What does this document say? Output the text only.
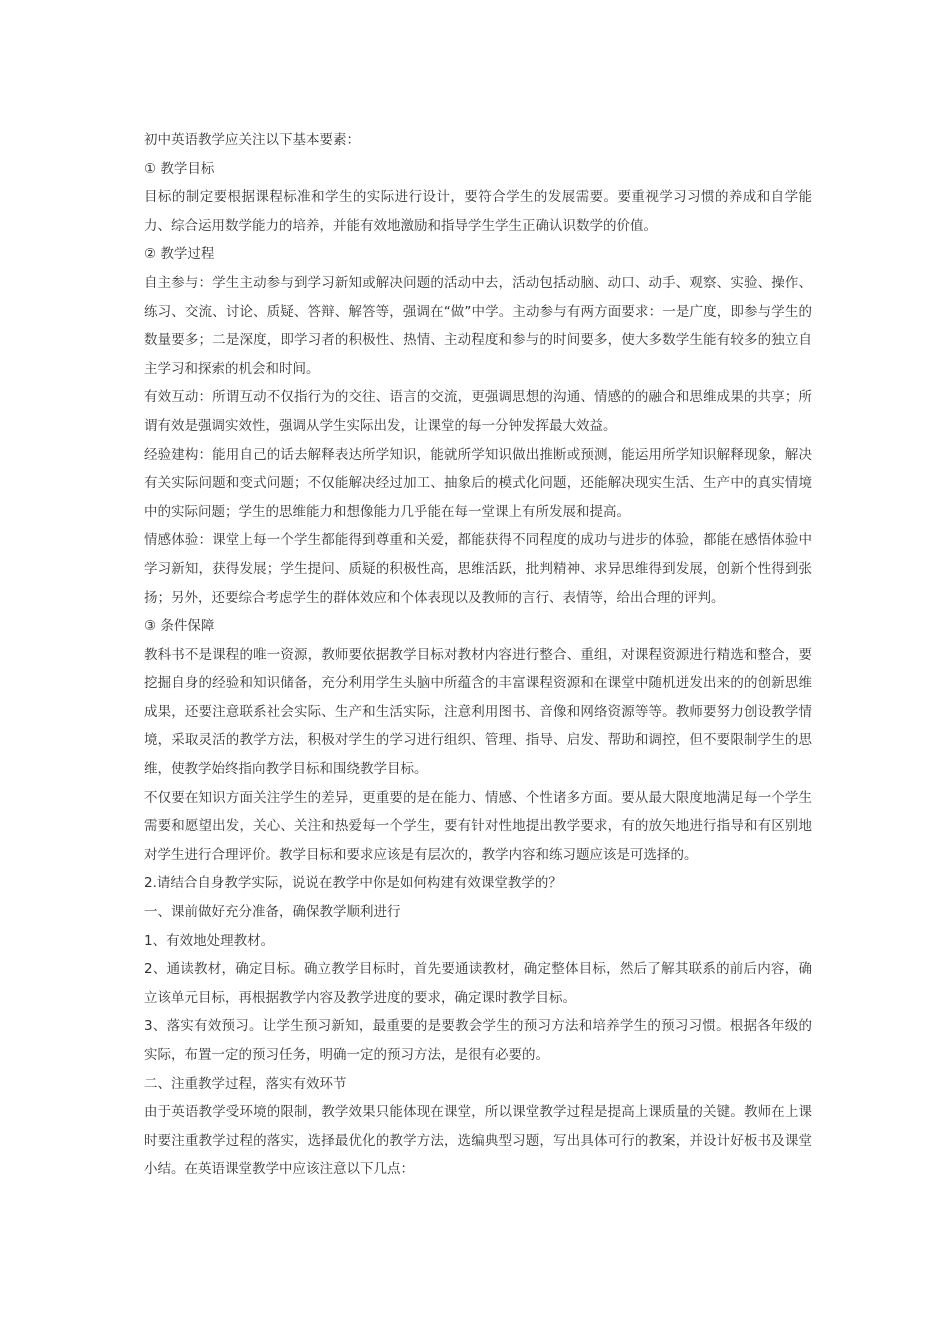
初中英语教学应关注以下基本要素：

① 教学目标

目标的制定要根据课程标准和学生的实际进行设计，要符合学生的发展需要。要重视学习习惯的养成和自学能力、综合运用数学能力的培养，并能有效地激励和指导学生学生正确认识数学的价值。

② 教学过程

自主参与：学生主动参与到学习新知或解决问题的活动中去，活动包括动脑、动口、动手、观察、实验、操作、练习、交流、讨论、质疑、答辩、解答等，强调在“做”中学。主动参与有两方面要求：一是广度，即参与学生的数量要多；二是深度，即学习者的积极性、热情、主动程度和参与的时间要多，使大多数学生能有较多的独立自主学习和探索的机会和时间。

有效互动：所谓互动不仅指行为的交往、语言的交流，更强调思想的沟通、情感的的融合和思维成果的共享；所谓有效是强调实效性，强调从学生实际出发，让课堂的每一分钟发挥最大效益。

经验建构：能用自己的话去解释表达所学知识，能就所学知识做出推断或预测，能运用所学知识解释现象，解决有关实际问题和变式问题；不仅能解决经过加工、抽象后的模式化问题，还能解决现实生活、生产中的真实情境中的实际问题；学生的思维能力和想像能力几乎能在每一堂课上有所发展和提高。

情感体验：课堂上每一个学生都能得到尊重和关爱，都能获得不同程度的成功与进步的体验，都能在感悟体验中学习新知，获得发展；学生提问、质疑的积极性高，思维活跃，批判精神、求异思维得到发展，创新个性得到张扬；另外，还要综合考虑学生的群体效应和个体表现以及教师的言行、表情等，给出合理的评判。

③ 条件保障

教科书不是课程的唯一资源，教师要依据教学目标对教材内容进行整合、重组，对课程资源进行精选和整合，要挖掘自身的经验和知识储备，充分利用学生头脑中所蕴含的丰富课程资源和在课堂中随机迸发出来的的创新思维成果，还要注意联系社会实际、生产和生活实际，注意利用图书、音像和网络资源等等。教师要努力创设教学情境，采取灵活的教学方法，积极对学生的学习进行组织、管理、指导、启发、帮助和调控，但不要限制学生的思维，使教学始终指向教学目标和围绕教学目标。

不仅要在知识方面关注学生的差异，更重要的是在能力、情感、个性诸多方面。要从最大限度地满足每一个学生需要和愿望出发，关心、关注和热爱每一个学生，要有针对性地提出教学要求，有的放矢地进行指导和有区别地对学生进行合理评价。教学目标和要求应该是有层次的，教学内容和练习题应该是可选择的。

2.请结合自身教学实际，说说在教学中你是如何构建有效课堂教学的？

一、课前做好充分准备，确保教学顺利进行

1、有效地处理教材。

2、通读教材，确定目标。确立教学目标时，首先要通读教材，确定整体目标，然后了解其联系的前后内容，确立该单元目标，再根据教学内容及教学进度的要求，确定课时教学目标。

3、落实有效预习。让学生预习新知，最重要的是要教会学生的预习方法和培养学生的预习习惯。根据各年级的实际，布置一定的预习任务，明确一定的预习方法，是很有必要的。

二、注重教学过程，落实有效环节

由于英语教学受环境的限制，教学效果只能体现在课堂，所以课堂教学过程是提高上课质量的关键。教师在上课时要注重教学过程的落实，选择最优化的教学方法，选编典型习题，写出具体可行的教案，并设计好板书及课堂小结。在英语课堂教学中应该注意以下几点：
